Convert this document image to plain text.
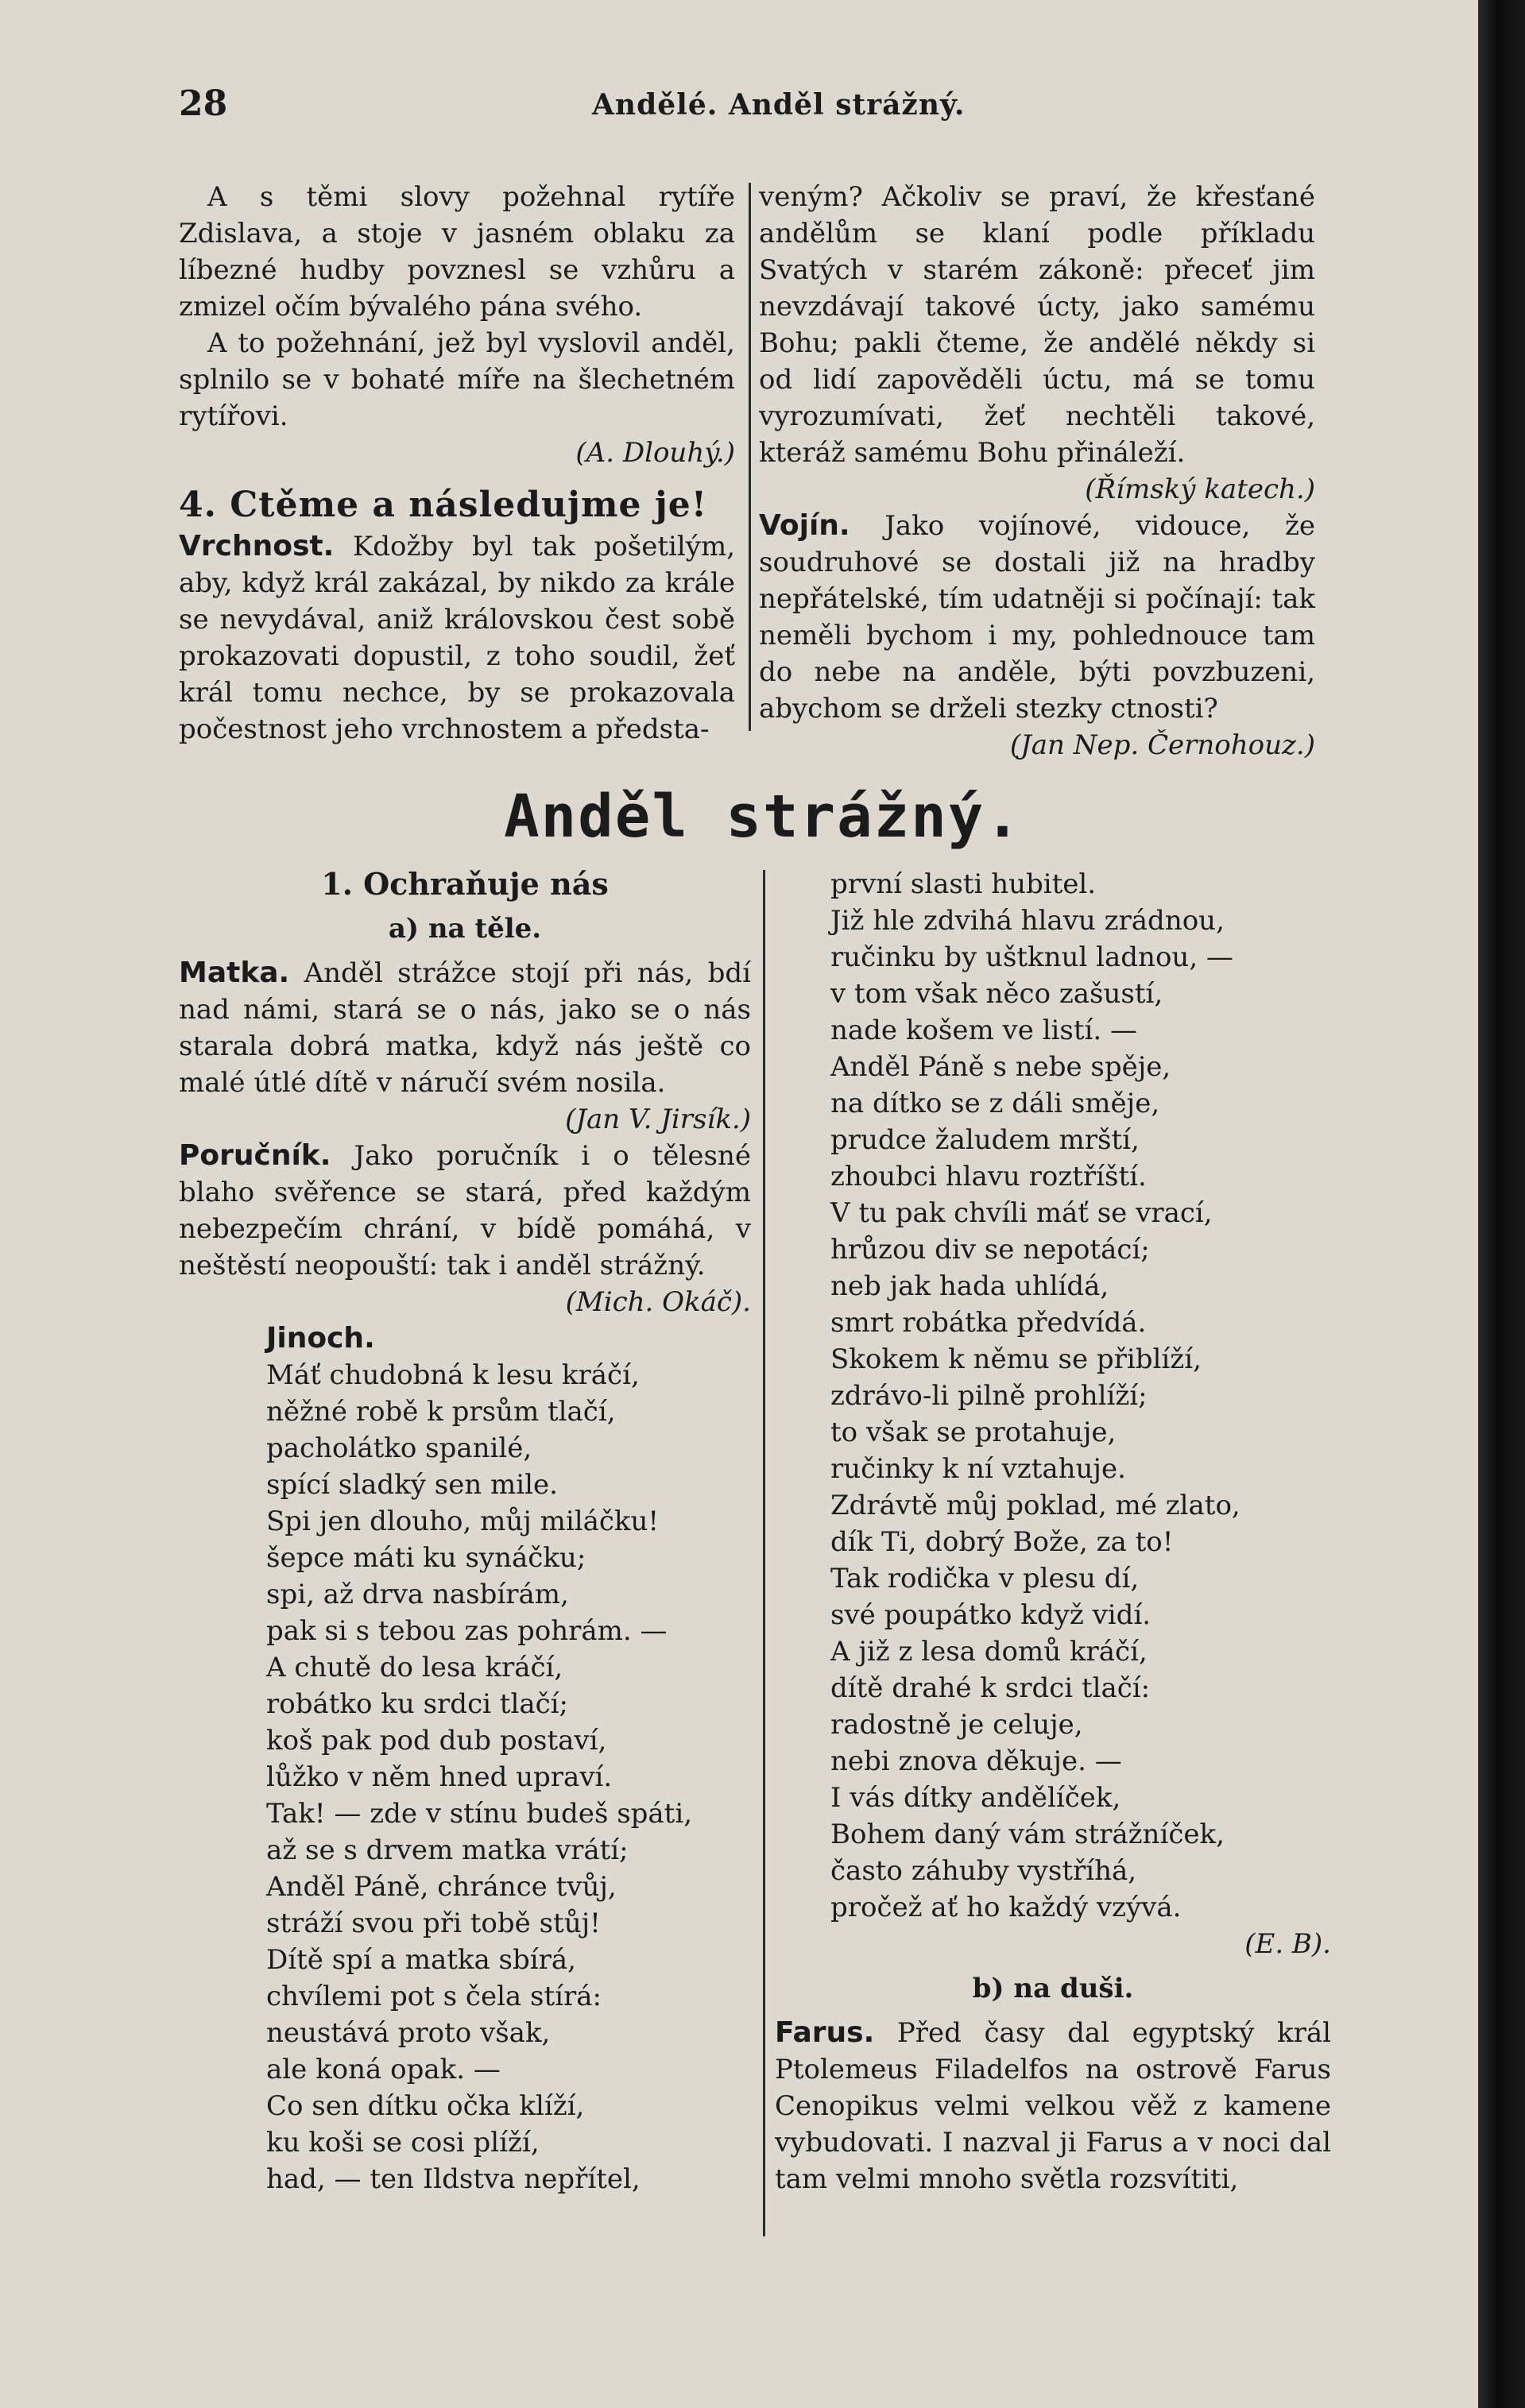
28	Andělé. Anděl strážný.

A s těmi slovy požehnal rytíře Zdislava, a stoje v jasném oblaku za líbezné hudby povznesl se vzhůru a zmizel očím bývalého pána svého.

A to požehnání, jež byl vyslovil anděl, splnilo se v bohaté míře na šlechetném rytířovi.

(A. Dlouhý.)

4. Ctěme a následujme je!

Vrchnost. Kdožby byl tak pošetilým, aby, když král zakázal, by nikdo za krále se nevydával, aniž královskou čest sobě prokazovati dopustil, z toho soudil, žeť král tomu nechce, by se prokazovala počestnost jeho vrchnostem a předsta-

veným? Ačkoliv se praví, že křesťané andělům se klaní podle příkladu Svatých v starém zákoně: přeceť jim nevzdávají takové úcty, jako samému Bohu; pakli čteme, že andělé někdy si od lidí zapověděli úctu, má se tomu vyrozumívati, žeť nechtěli takové, kteráž samému Bohu přináleží.

(Římský katech.)

Vojín. Jako vojínové, vidouce, že soudruhové se dostali již na hradby nepřátelské, tím udatněji si počínají: tak neměli bychom i my, pohlednouce tam do nebe na anděle, býti povzbuzeni, abychom se drželi stezky ctnosti?

(Jan Nep. Černohouz.)

Anděl strážný.
1. Ochraňuje nás
a) na těle.

Matka. Anděl strážce stojí při nás, bdí nad námi, stará se o nás, jako se o nás starala dobrá matka, když nás ještě co malé útlé dítě v náručí svém nosila.

(Jan V. Jirsík.)

Poručník. Jako poručník i o tělesné blaho svěřence se stará, před každým nebezpečím chrání, v bídě pomáhá, v neštěstí neopouští: tak i anděl strážný.

(Mich. Okáč).

Jinoch.

Máť chudobná k lesu kráčí,
něžné robě k prsům tlačí,
pacholátko spanilé,
spící sladký sen mile.
Spi jen dlouho, můj miláčku!
šepce máti ku synáčku;
spi, až drva nasbírám,
pak si s tebou zas pohrám. —
A chutě do lesa kráčí,
robátko ku srdci tlačí;
koš pak pod dub postaví,
lůžko v něm hned upraví.
Tak! — zde v stínu budeš spáti,
až se s drvem matka vrátí;
Anděl Páně, chránce tvůj,
stráží svou při tobě stůj!
Dítě spí a matka sbírá,
chvílemi pot s čela stírá:
neustává proto však,
ale koná opak. —
Co sen dítku očka klíží,
ku koši se cosi plíží,
had, — ten Ildstva nepřítel,
první slasti hubitel.
Již hle zdvihá hlavu zrádnou,
ručinku by uštknul ladnou, —
v tom však něco zašustí,
nade košem ve listí. —
Anděl Páně s nebe spěje,
na dítko se z dáli směje,
prudce žaludem mrští,
zhoubci hlavu roztříští.
V tu pak chvíli máť se vrací,
hrůzou div se nepotácí;
neb jak hada uhlídá,
smrt robátka předvídá.
Skokem k němu se přiblíží,
zdrávo-li pilně prohlíží;
to však se protahuje,
ručinky k ní vztahuje.
Zdrávtě můj poklad, mé zlato,
dík Ti, dobrý Bože, za to!
Tak rodička v plesu dí,
své poupátko když vidí.
A již z lesa domů kráčí,
dítě drahé k srdci tlačí:
radostně je celuje,
nebi znova děkuje. —
I vás dítky andělíček,
Bohem daný vám strážníček,
často záhuby vystříhá,
pročež ať ho každý vzývá.

(E. B).

b) na duši.

Farus. Před časy dal egyptský král Ptolemeus Filadelfos na ostrově Farus Cenopikus velmi velkou věž z kamene vybudovati. I nazval ji Farus a v noci dal tam velmi mnoho světla rozsvítiti,
